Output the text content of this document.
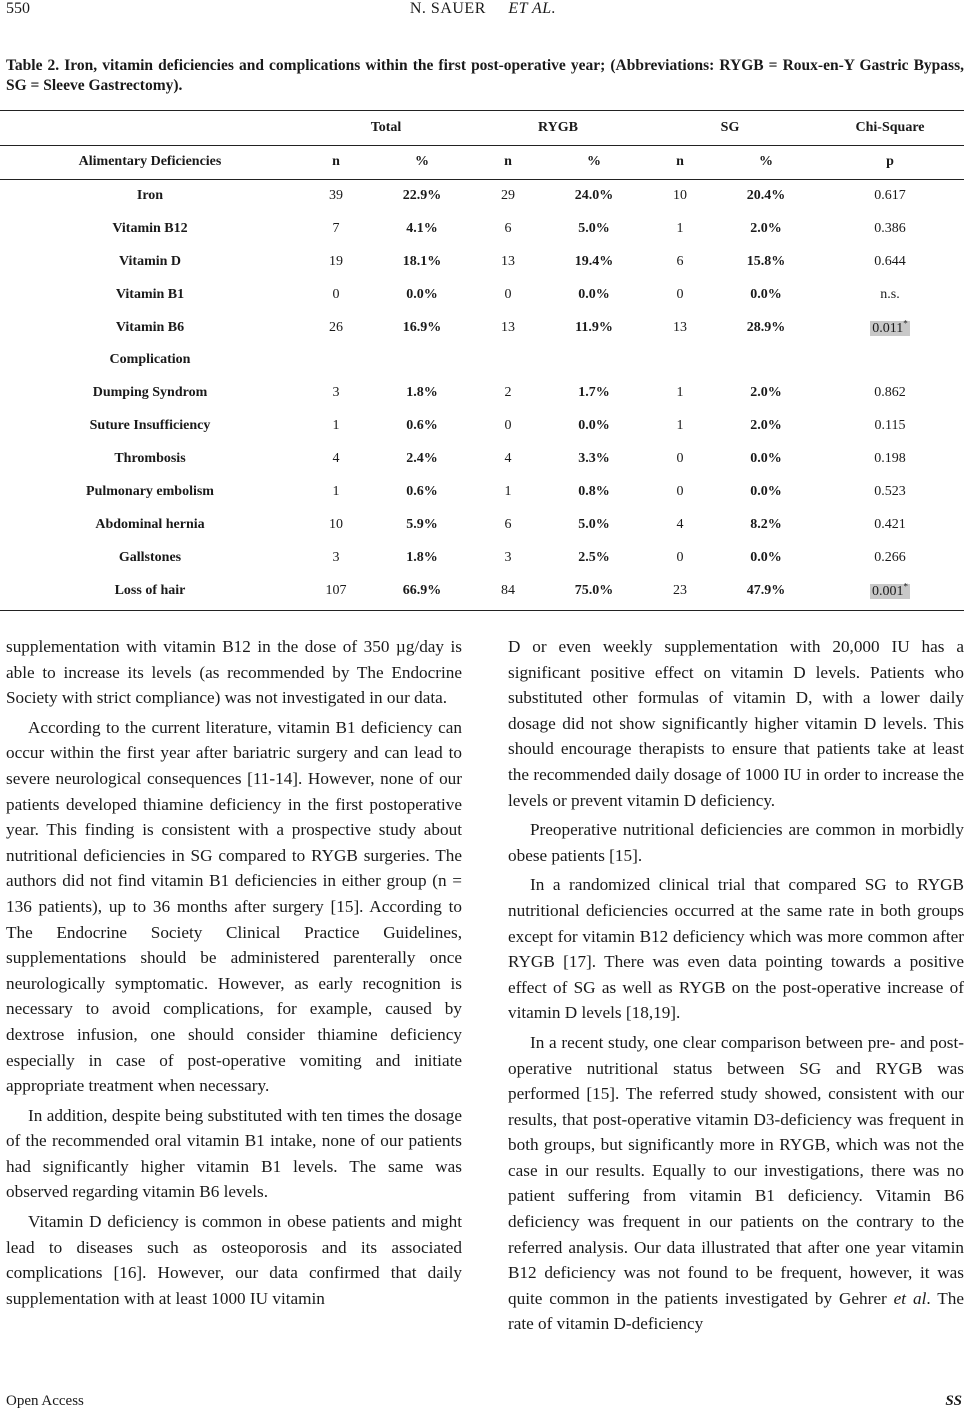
550	N. SAUER ET AL.
Table 2. Iron, vitamin deficiencies and complications within the first post-operative year; (Abbreviations: RYGB = Roux-en-Y Gastric Bypass, SG = Sleeve Gastrectomy).
	Total		RYGB		SG		Chi-Square
Alimentary Deficiencies	n	%	n	%	n	%	p
Iron	39	22.9%	29	24.0%	10	20.4%	0.617
Vitamin B12	7	4.1%	6	5.0%	1	2.0%	0.386
Vitamin D	19	18.1%	13	19.4%	6	15.8%	0.644
Vitamin B1	0	0.0%	0	0.0%	0	0.0%	n.s.
Vitamin B6	26	16.9%	13	11.9%	13	28.9%	0.011*
Complication							
Dumping Syndrom	3	1.8%	2	1.7%	1	2.0%	0.862
Suture Insufficiency	1	0.6%	0	0.0%	1	2.0%	0.115
Thrombosis	4	2.4%	4	3.3%	0	0.0%	0.198
Pulmonary embolism	1	0.6%	1	0.8%	0	0.0%	0.523
Abdominal hernia	10	5.9%	6	5.0%	4	8.2%	0.421
Gallstones	3	1.8%	3	2.5%	0	0.0%	0.266
Loss of hair	107	66.9%	84	75.0%	23	47.9%	0.001*

supplementation with vitamin B12 in the dose of 350 µg/day is able to increase its levels (as recommended by The Endocrine Society with strict compliance) was not investigated in our data.

According to the current literature, vitamin B1 deficiency can occur within the first year after bariatric surgery and can lead to severe neurological consequences [11-14]. However, none of our patients developed thiamine deficiency in the first postoperative year. This finding is consistent with a prospective study about nutritional deficiencies in SG compared to RYGB surgeries. The authors did not find vitamin B1 deficiencies in either group (n = 136 patients), up to 36 months after surgery [15]. According to The Endocrine Society Clinical Practice Guidelines, supplementations should be administered parenterally once neurologically symptomatic. However, as early recognition is necessary to avoid complications, for example, caused by dextrose infusion, one should consider thiamine deficiency especially in case of post-operative vomiting and initiate appropriate treatment when necessary.

In addition, despite being substituted with ten times the dosage of the recommended oral vitamin B1 intake, none of our patients had significantly higher vitamin B1 levels. The same was observed regarding vitamin B6 levels.

Vitamin D deficiency is common in obese patients and might lead to diseases such as osteoporosis and its associated complications [16]. However, our data confirmed that daily supplementation with at least 1000 IU vitamin

D or even weekly supplementation with 20,000 IU has a significant positive effect on vitamin D levels. Patients who substituted other formulas of vitamin D, with a lower daily dosage did not show significantly higher vitamin D levels. This should encourage therapists to ensure that patients take at least the recommended daily dosage of 1000 IU in order to increase the levels or prevent vitamin D deficiency.

Preoperative nutritional deficiencies are common in morbidly obese patients [15].

In a randomized clinical trial that compared SG to RYGB nutritional deficiencies occurred at the same rate in both groups except for vitamin B12 deficiency which was more common after RYGB [17]. There was even data pointing towards a positive effect of SG as well as RYGB on the post-operative increase of vitamin D levels [18,19].

In a recent study, one clear comparison between pre- and post-operative nutritional status between SG and RYGB was performed [15]. The referred study showed, consistent with our results, that post-operative vitamin D3-deficiency was frequent in both groups, but significantly more in RYGB, which was not the case in our results. Equally to our investigations, there was no patient suffering from vitamin B1 deficiency. Vitamin B6 deficiency was frequent in our patients on the contrary to the referred analysis. Our data illustrated that after one year vitamin B12 deficiency was not found to be frequent, however, it was quite common in the patients investigated by Gehrer et al. The rate of vitamin D-deficiency

Open Access	SS
